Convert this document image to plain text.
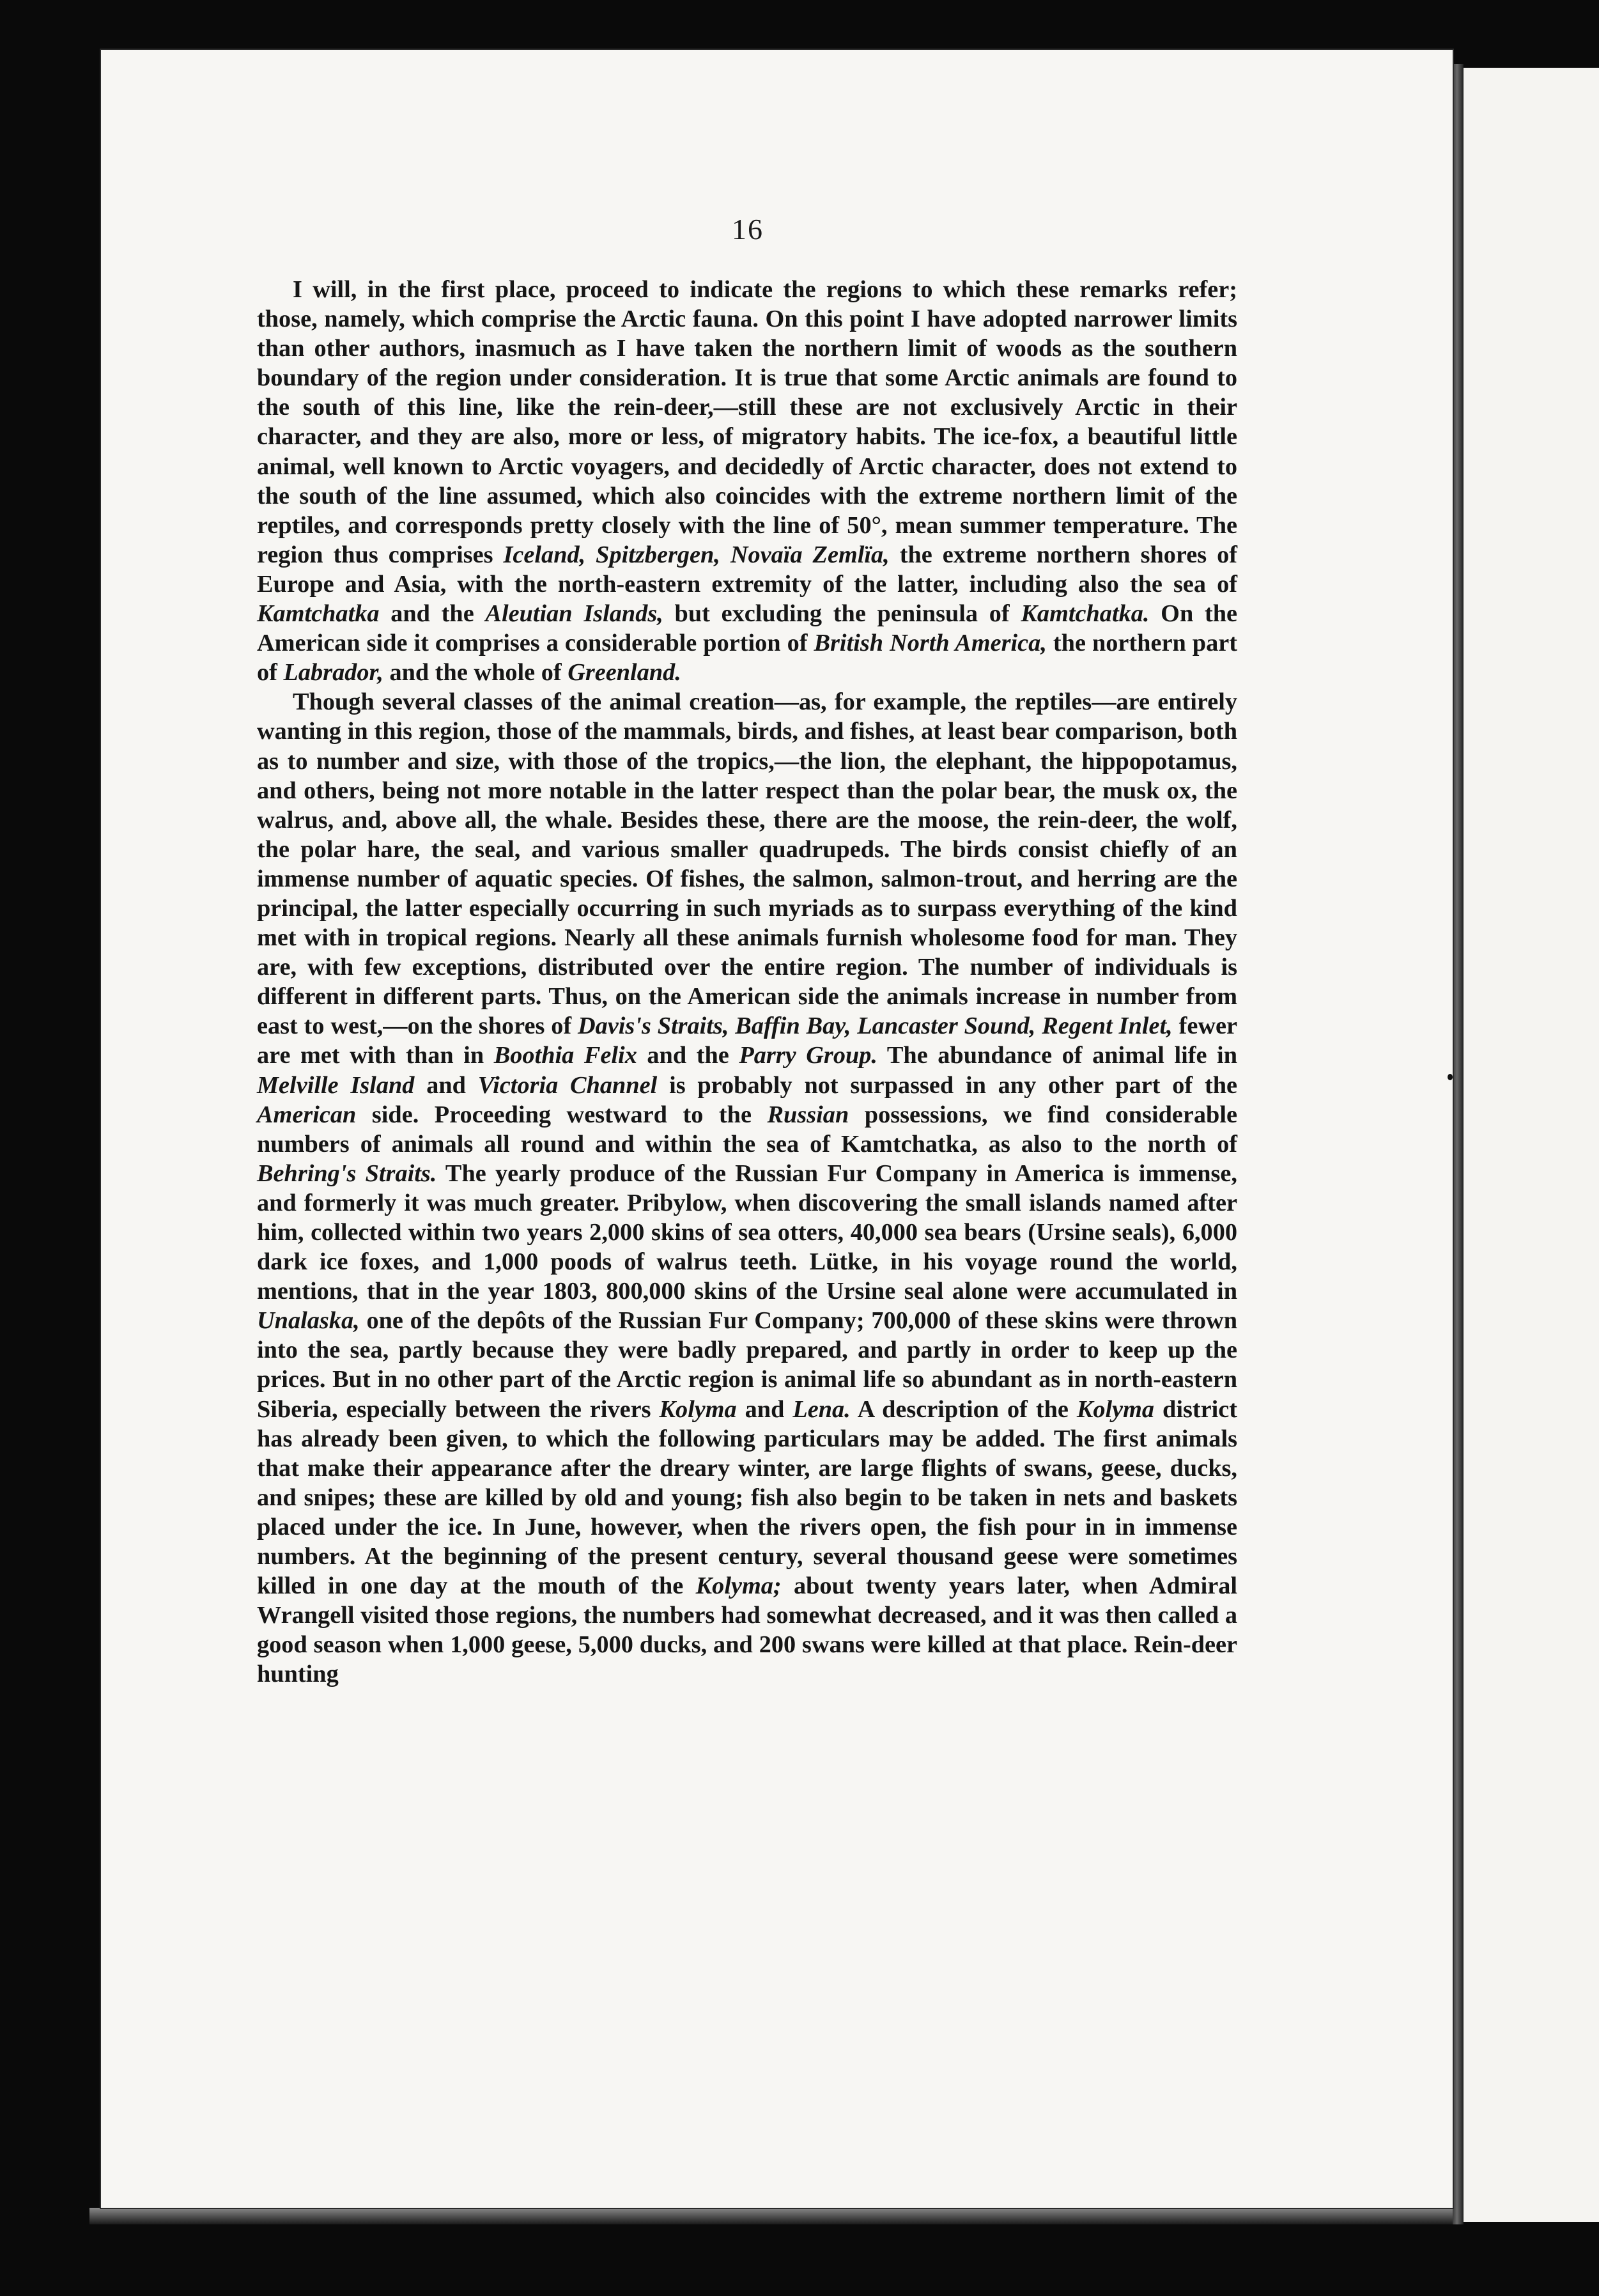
16

I will, in the first place, proceed to indicate the regions to which these remarks refer; those, namely, which comprise the Arctic fauna. On this point I have adopted narrower limits than other authors, inasmuch as I have taken the northern limit of woods as the southern boundary of the region under consideration. It is true that some Arctic animals are found to the south of this line, like the rein-deer,—still these are not exclusively Arctic in their character, and they are also, more or less, of migratory habits. The ice-fox, a beautiful little animal, well known to Arctic voyagers, and decidedly of Arctic character, does not extend to the south of the line assumed, which also coincides with the extreme northern limit of the reptiles, and corresponds pretty closely with the line of 50°, mean summer temperature. The region thus comprises Iceland, Spitzbergen, Novaïa Zemlïa, the extreme northern shores of Europe and Asia, with the north-eastern extremity of the latter, including also the sea of Kamtchatka and the Aleutian Islands, but excluding the peninsula of Kamtchatka. On the American side it comprises a considerable portion of British North America, the northern part of Labrador, and the whole of Greenland.

Though several classes of the animal creation—as, for example, the reptiles—are entirely wanting in this region, those of the mammals, birds, and fishes, at least bear comparison, both as to number and size, with those of the tropics,—the lion, the elephant, the hippopotamus, and others, being not more notable in the latter respect than the polar bear, the musk ox, the walrus, and, above all, the whale. Besides these, there are the moose, the rein-deer, the wolf, the polar hare, the seal, and various smaller quadrupeds. The birds consist chiefly of an immense number of aquatic species. Of fishes, the salmon, salmon-trout, and herring are the principal, the latter especially occurring in such myriads as to surpass everything of the kind met with in tropical regions. Nearly all these animals furnish wholesome food for man. They are, with few exceptions, distributed over the entire region. The number of individuals is different in different parts. Thus, on the American side the animals increase in number from east to west,—on the shores of Davis's Straits, Baffin Bay, Lancaster Sound, Regent Inlet, fewer are met with than in Boothia Felix and the Parry Group. The abundance of animal life in Melville Island and Victoria Channel is probably not surpassed in any other part of the American side. Proceeding westward to the Russian possessions, we find considerable numbers of animals all round and within the sea of Kamtchatka, as also to the north of Behring's Straits. The yearly produce of the Russian Fur Company in America is immense, and formerly it was much greater. Pribylow, when discovering the small islands named after him, collected within two years 2,000 skins of sea otters, 40,000 sea bears (Ursine seals), 6,000 dark ice foxes, and 1,000 poods of walrus teeth. Lütke, in his voyage round the world, mentions, that in the year 1803, 800,000 skins of the Ursine seal alone were accumulated in Unalaska, one of the depôts of the Russian Fur Company; 700,000 of these skins were thrown into the sea, partly because they were badly prepared, and partly in order to keep up the prices. But in no other part of the Arctic region is animal life so abundant as in north-eastern Siberia, especially between the rivers Kolyma and Lena. A description of the Kolyma district has already been given, to which the following particulars may be added. The first animals that make their appearance after the dreary winter, are large flights of swans, geese, ducks, and snipes; these are killed by old and young; fish also begin to be taken in nets and baskets placed under the ice. In June, however, when the rivers open, the fish pour in in immense numbers. At the beginning of the present century, several thousand geese were sometimes killed in one day at the mouth of the Kolyma; about twenty years later, when Admiral Wrangell visited those regions, the numbers had somewhat decreased, and it was then called a good season when 1,000 geese, 5,000 ducks, and 200 swans were killed at that place. Rein-deer hunting
